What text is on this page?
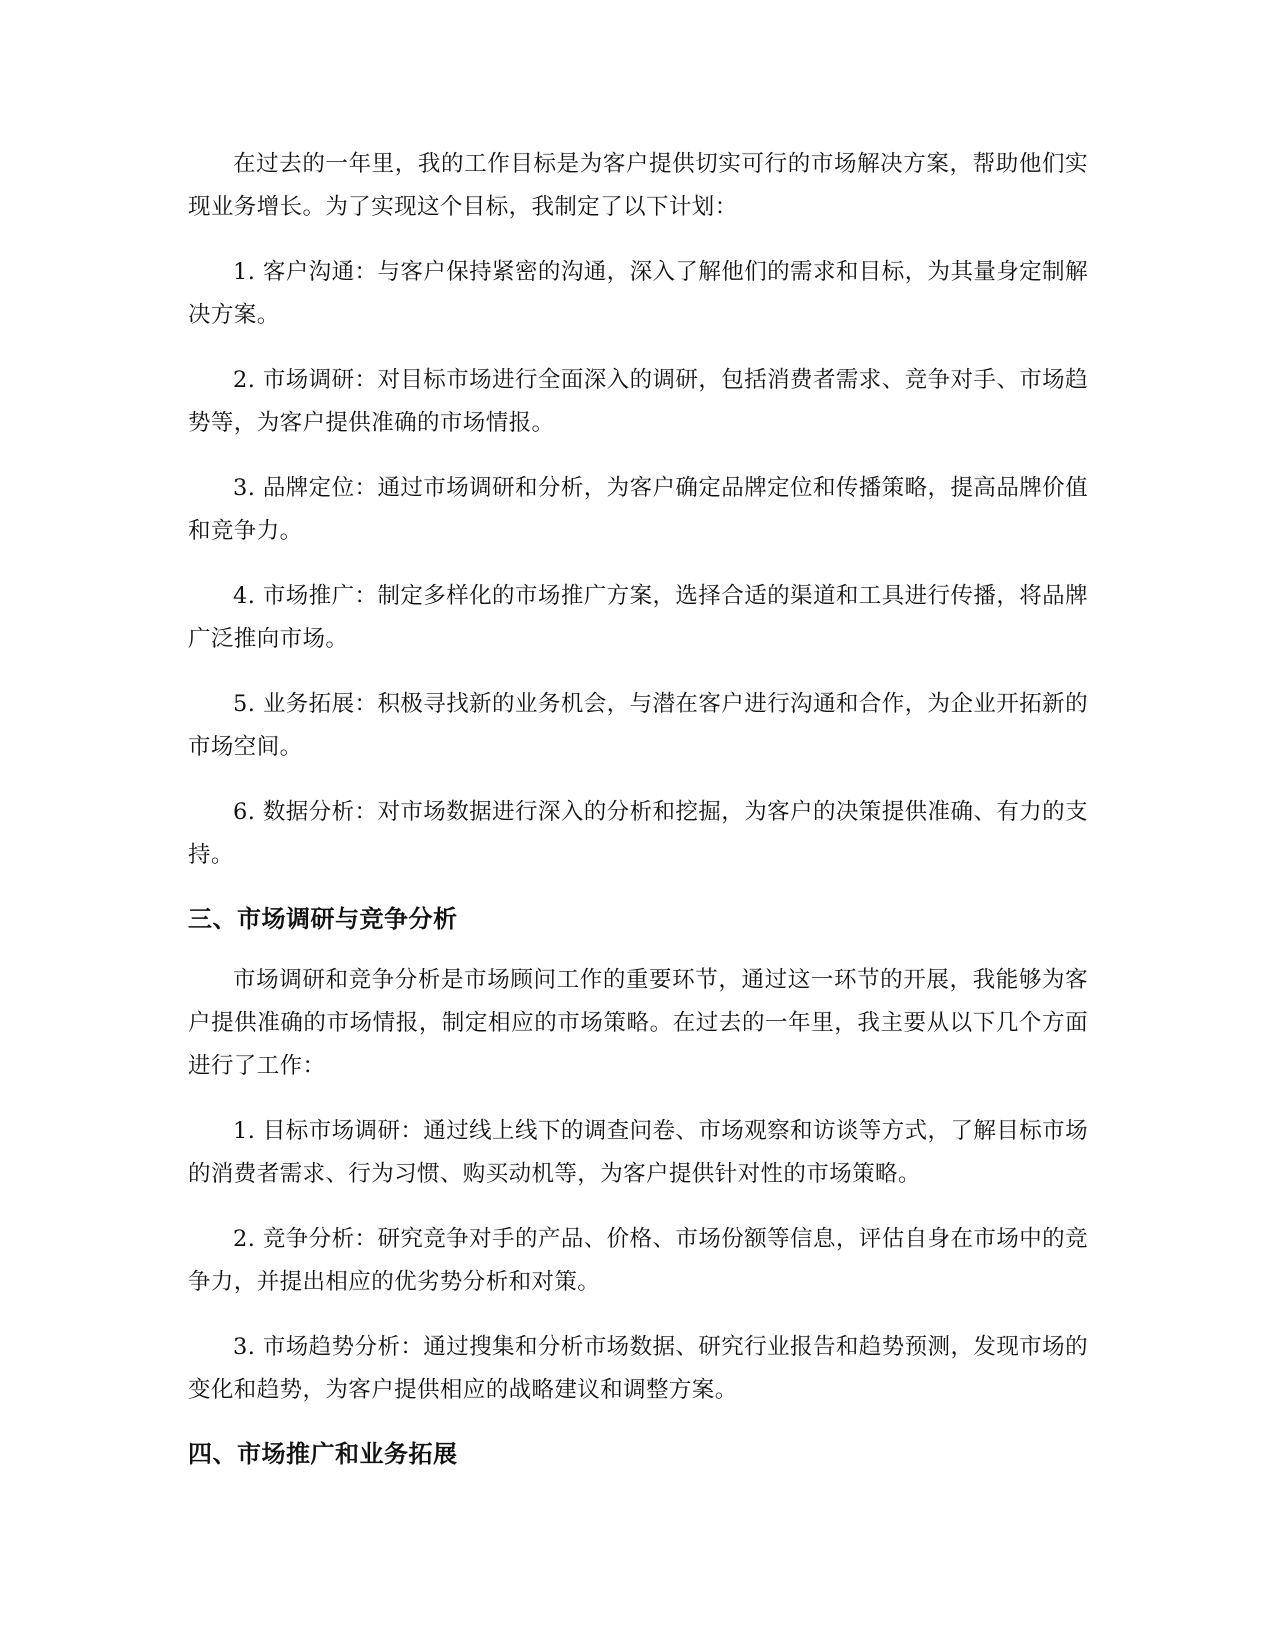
在过去的一年里，我的工作目标是为客户提供切实可行的市场解决方案，帮助他们实现业务增长。为了实现这个目标，我制定了以下计划：

1. 客户沟通：与客户保持紧密的沟通，深入了解他们的需求和目标，为其量身定制解决方案。

2. 市场调研：对目标市场进行全面深入的调研，包括消费者需求、竞争对手、市场趋势等，为客户提供准确的市场情报。

3. 品牌定位：通过市场调研和分析，为客户确定品牌定位和传播策略，提高品牌价值和竞争力。

4. 市场推广：制定多样化的市场推广方案，选择合适的渠道和工具进行传播，将品牌广泛推向市场。

5. 业务拓展：积极寻找新的业务机会，与潜在客户进行沟通和合作，为企业开拓新的市场空间。

6. 数据分析：对市场数据进行深入的分析和挖掘，为客户的决策提供准确、有力的支持。

三、市场调研与竞争分析

市场调研和竞争分析是市场顾问工作的重要环节，通过这一环节的开展，我能够为客户提供准确的市场情报，制定相应的市场策略。在过去的一年里，我主要从以下几个方面进行了工作：

1. 目标市场调研：通过线上线下的调查问卷、市场观察和访谈等方式，了解目标市场的消费者需求、行为习惯、购买动机等，为客户提供针对性的市场策略。

2. 竞争分析：研究竞争对手的产品、价格、市场份额等信息，评估自身在市场中的竞争力，并提出相应的优劣势分析和对策。

3. 市场趋势分析：通过搜集和分析市场数据、研究行业报告和趋势预测，发现市场的变化和趋势，为客户提供相应的战略建议和调整方案。

四、市场推广和业务拓展
